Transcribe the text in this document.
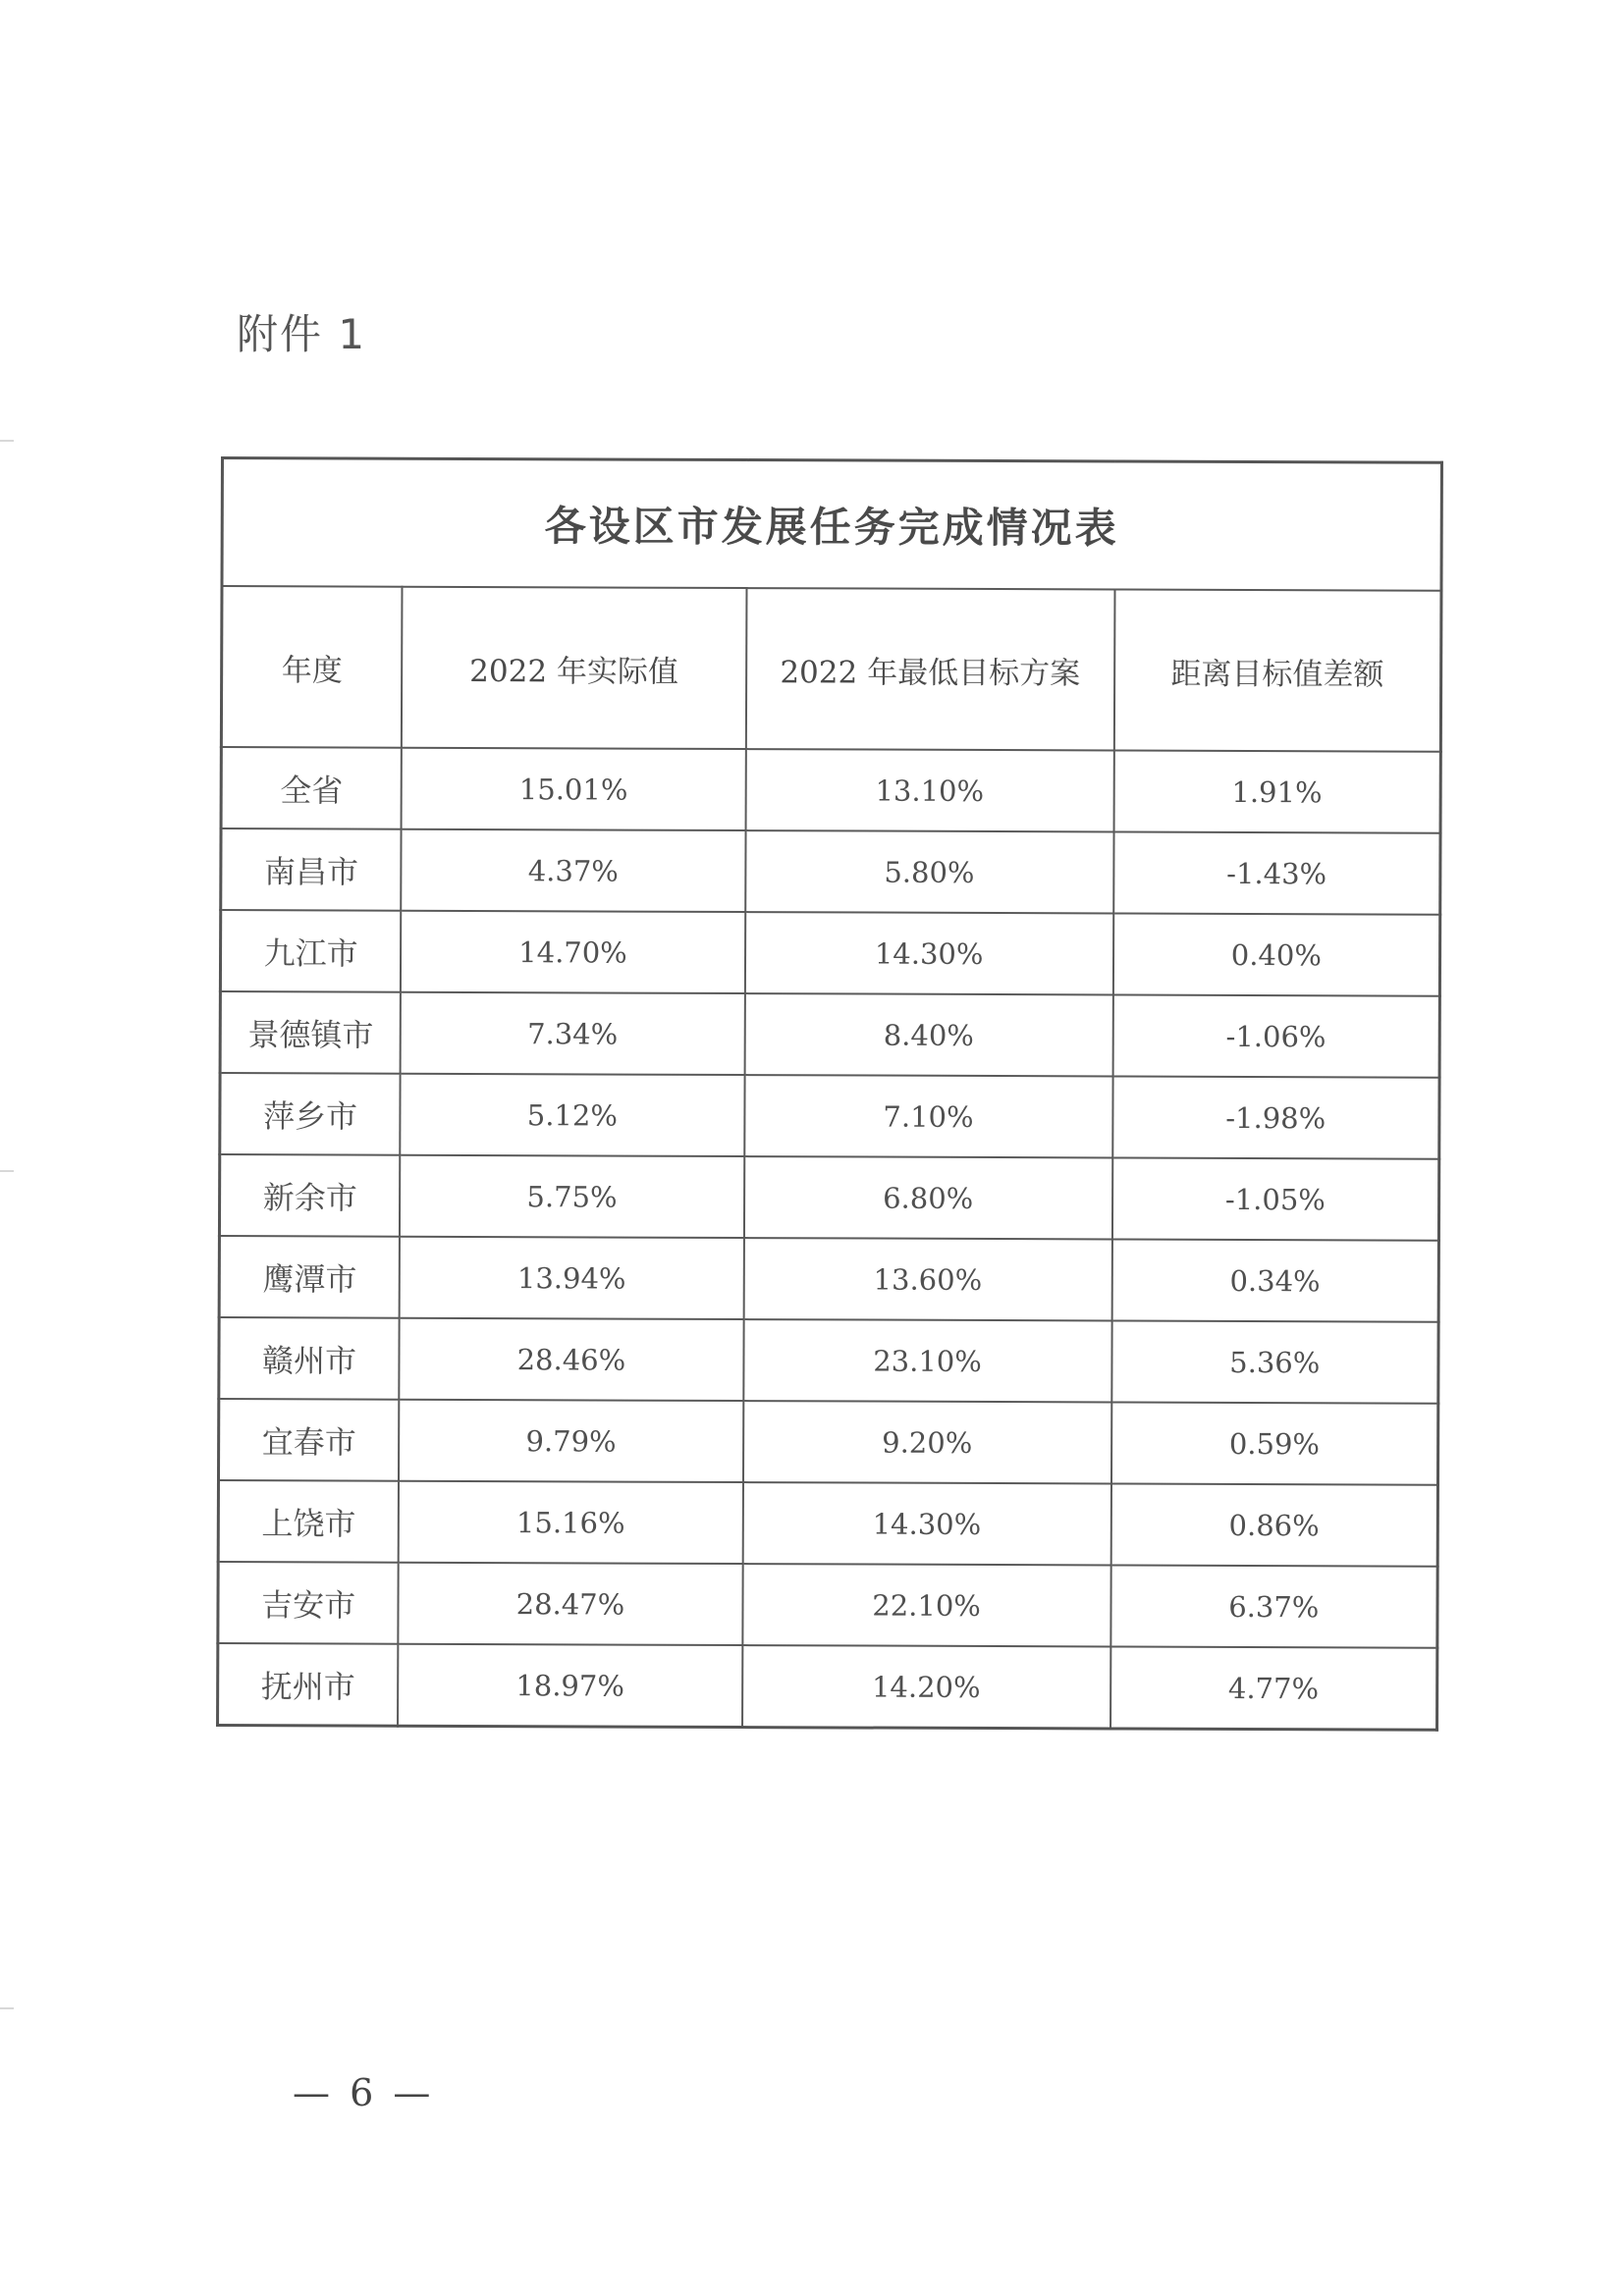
附件 1
各设区市发展任务完成情况表			
年度	2022 年实际值	2022 年最低目标方案	距离目标值差额
全省	15.01%	13.10%	1.91%
南昌市	4.37%	5.80%	-1.43%
九江市	14.70%	14.30%	0.40%
景德镇市	7.34%	8.40%	-1.06%
萍乡市	5.12%	7.10%	-1.98%
新余市	5.75%	6.80%	-1.05%
鹰潭市	13.94%	13.60%	0.34%
赣州市	28.46%	23.10%	5.36%
宜春市	9.79%	9.20%	0.59%
上饶市	15.16%	14.30%	0.86%
吉安市	28.47%	22.10%	6.37%
抚州市	18.97%	14.20%	4.77%
— 6 —
